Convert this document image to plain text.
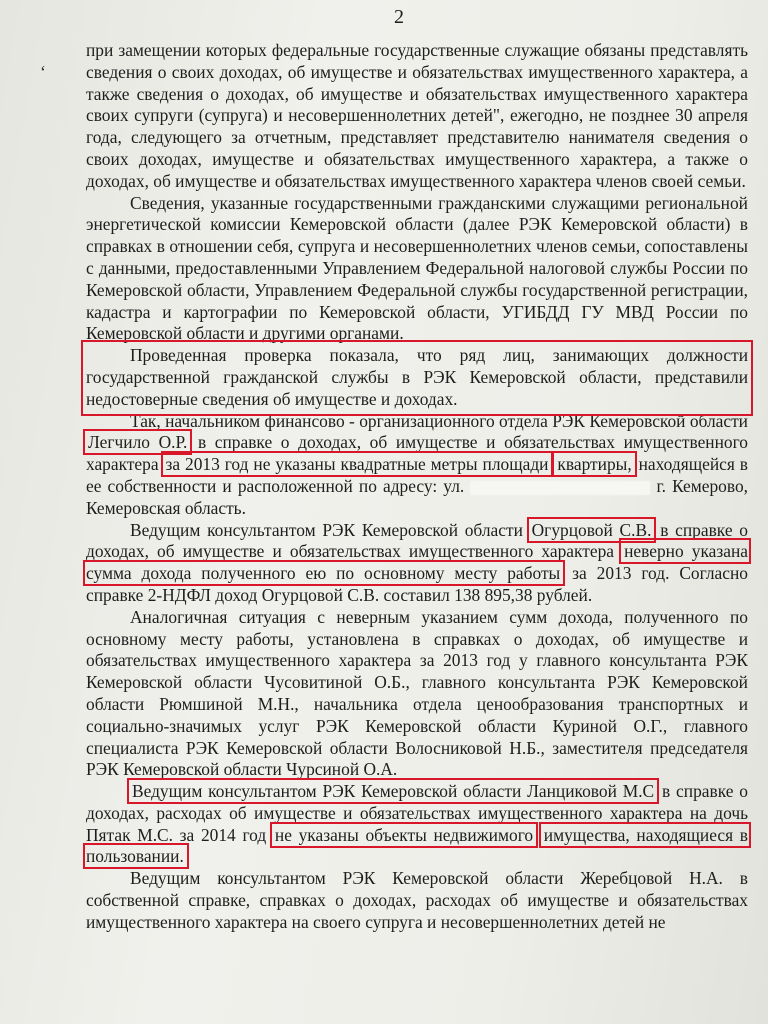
2
‘

при замещении которых федеральные государственные служащие обязаны представлять сведения о своих доходах, об имуществе и обязательствах имущественного характера, а также сведения о доходах, об имуществе и обязательствах имущественного характера своих супруги (супруга) и несовершеннолетних детей", ежегодно, не позднее 30 апреля года, следующего за отчетным, представляет представителю нанимателя сведения о своих доходах, имуществе и обязательствах имущественного характера, а также о доходах, об имуществе и обязательствах имущественного характера членов своей семьи.

Сведения, указанные государственными гражданскими служащими региональной энергетической комиссии Кемеровской области (далее РЭК Кемеровской области) в справках в отношении себя, супруга и несовершеннолетних членов семьи, сопоставлены с данными, предоставленными Управлением Федеральной налоговой службы России по Кемеровской области, Управлением Федеральной службы государственной регистрации, кадастра и картографии по Кемеровской области, УГИБДД ГУ МВД России по Кемеровской области и другими органами.

Проведенная проверка показала, что ряд лиц, занимающих должности государственной гражданской службы в РЭК Кемеровской области, представили недостоверные сведения об имуществе и доходах.

Так, начальником финансово - организационного отдела РЭК Кемеровской области Легчило О.Р. в справке о доходах, об имуществе и обязательствах имущественного характера за 2013 год не указаны квадратные метры площади квартиры, находящейся в ее собственности и расположенной по адресу: ул.	г. Кемерово, Кемеровская область.

Ведущим консультантом РЭК Кемеровской области Огурцовой С.В. в справке о доходах, об имуществе и обязательствах имущественного характера неверно указана сумма дохода полученного ею по основному месту работы за 2013 год. Согласно справке 2-НДФЛ доход Огурцовой С.В. составил 138 895,38 рублей.

Аналогичная ситуация с неверным указанием сумм дохода, полученного по основному месту работы, установлена в справках о доходах, об имуществе и обязательствах имущественного характера за 2013 год у главного консультанта РЭК Кемеровской области Чусовитиной О.Б., главного консультанта РЭК Кемеровской области Рюмшиной М.Н., начальника отдела ценообразования транспортных и социально-значимых услуг РЭК Кемеровской области Куриной О.Г., главного специалиста РЭК Кемеровской области Волосниковой Н.Б., заместителя председателя РЭК Кемеровской области Чурсиной О.А.

Ведущим консультантом РЭК Кемеровской области Ланциковой М.С в справке о доходах, расходах об имуществе и обязательствах имущественного характера на дочь Пятак М.С. за 2014 год не указаны объекты недвижимого имущества, находящиеся в пользовании.

Ведущим консультантом РЭК Кемеровской области Жеребцовой Н.А. в собственной справке, справках о доходах, расходах об имуществе и обязательствах имущественного характера на своего супруга и несовершеннолетних детей не
